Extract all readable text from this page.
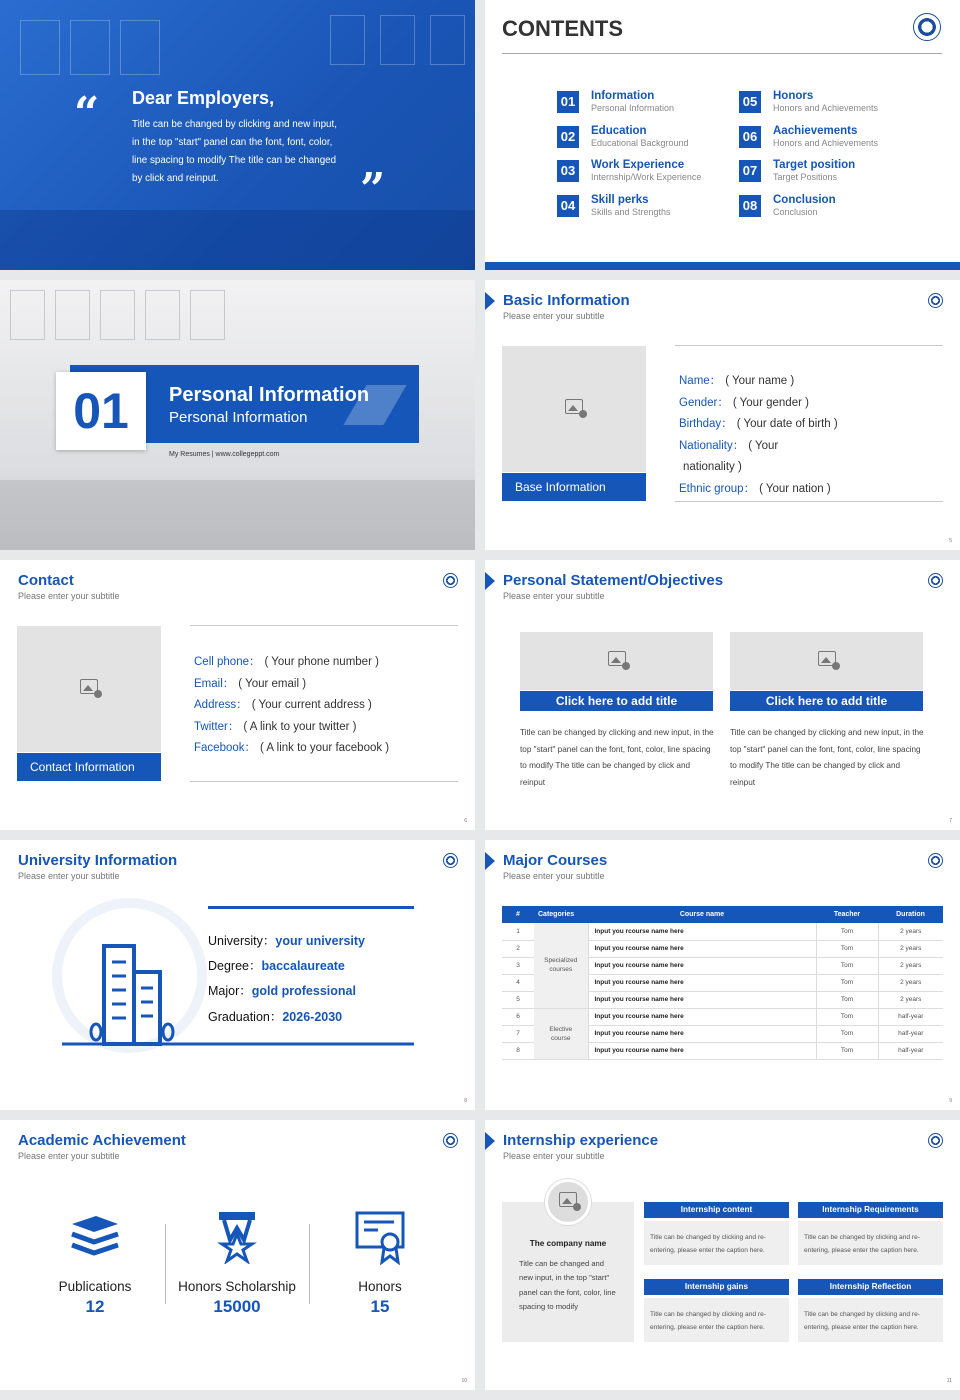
“
”
Dear Employers,
Title can be changed by clicking and new input, in the top "start" panel can the font, font, color, line spacing to modify The title can be changed by click and reinput.
CONTENTS
01	Information
Personal Information
02	Education
Educational Background
03	Work Experience
Internship/Work Experience
04	Skill perks
Skills and Strengths
05	Honors
Honors and Achievements
06	Aachievements
Honors and Achievements
07	Target position
Target Positions
08	Conclusion
Conclusion
Personal Information
Personal Information
01
My Resumes | www.collegeppt.com
Basic Information
Please enter your subtitle
Base Information
Name： ( Your name )
Gender： ( Your gender )
Birthday： ( Your date of birth )
Nationality： ( Your
nationality )
Ethnic group： ( Your nation )
5
Contact
Please enter your subtitle
Contact Information
Cell phone： ( Your phone number )
Email： ( Your email )
Address： ( Your current address )
Twitter： ( A link to your twitter )
Facebook： ( A link to your facebook )
6
Personal Statement/Objectives
Please enter your subtitle
Click here to add title
Title can be changed by clicking and new input, in the top "start" panel can the font, font, color, line spacing to modify The title can be changed by click and reinput
Click here to add title
Title can be changed by clicking and new input, in the top "start" panel can the font, font, color, line spacing to modify The title can be changed by click and reinput
7
University Information
Please enter your subtitle
University：your university
Degree：baccalaureate
Major：gold professional
Graduation：2026-2030
8
Major Courses
Please enter your subtitle
#	Categories	Course name	Teacher	Duration
1	Specialized courses	Input you rcourse name here	Tom	2 years
2		Input you rcourse name here	Tom	2 years
3		Input you rcourse name here	Tom	2 years
4		Input you rcourse name here	Tom	2 years
5		Input you rcourse name here	Tom	2 years
6	Elective course	Input you rcourse name here	Tom	half-year
7		Input you rcourse name here	Tom	half-year
8		Input you rcourse name here	Tom	half-year
9
Academic Achievement
Please enter your subtitle
Publications
12
Honors Scholarship
15000
Honors
15
10
Internship experience
Please enter your subtitle
The company name
Title can be changed and new input, in the top "start" panel can the font, color, line spacing to modify
Internship content
Title can be changed by clicking and re-entering, please enter the caption here.
Internship Requirements
Title can be changed by clicking and re-entering, please enter the caption here.
Internship gains
Title can be changed by clicking and re-entering, please enter the caption here.
Internship Reflection
Title can be changed by clicking and re-entering, please enter the caption here.
11
